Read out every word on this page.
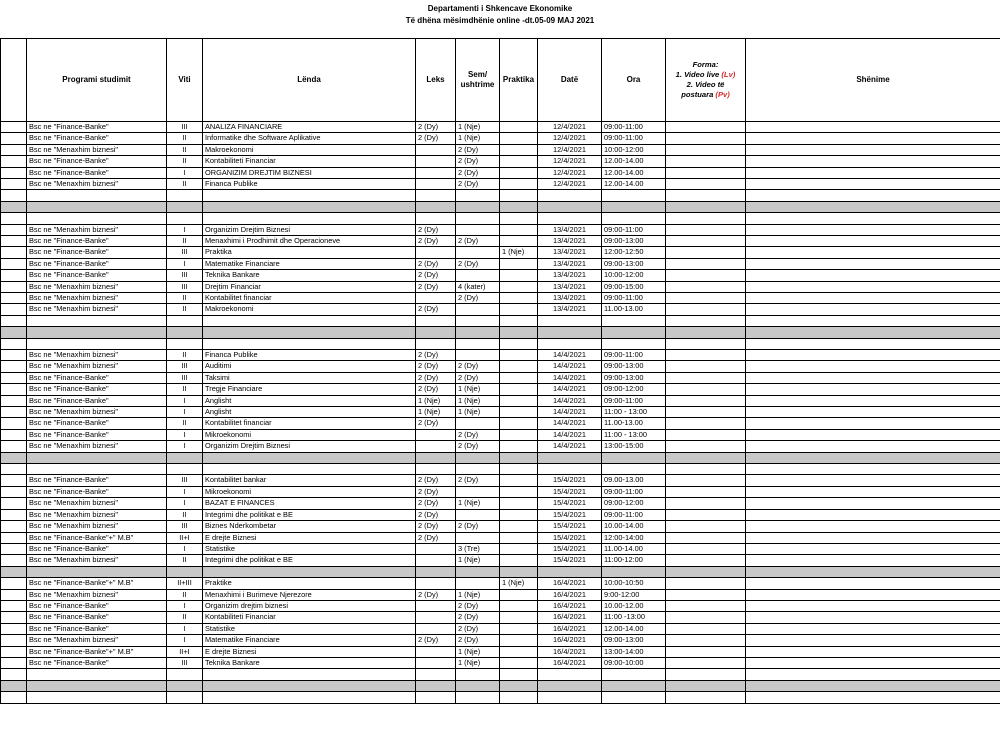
Departamenti i Shkencave Ekonomike
Të dhëna mësimdhënie online -dt.05-09 MAJ 2021
	Programi studimit	Viti	Lënda	Leks	Sem/
ushtrime	Praktika	Datë	Ora	Forma:
1. Video live (Lv)
2. Video të
postuara (Pv)	Shënime
	Bsc ne "Finance-Banke"	III	ANALIZA FINANCIARE	2 (Dy)	1 (Nje)		12/4/2021	09:00-11:00		
	Bsc ne "Finance-Banke"	II	Informatike dhe Software Aplikative	2 (Dy)	1 (Nje)		12/4/2021	09:00-11:00		
	Bsc ne "Menaxhim biznesi"	II	Makroekonomi		2 (Dy)		12/4/2021	10:00-12:00		
	Bsc ne "Finance-Banke"	II	Kontabiliteti Financiar		2 (Dy)		12/4/2021	12.00-14.00		
	Bsc ne "Finance-Banke"	I	ORGANIZIM DREJTIM BIZNESI		2 (Dy)		12/4/2021	12.00-14.00		
	Bsc ne "Menaxhim biznesi"	II	Financa Publike		2 (Dy)		12/4/2021	12.00-14.00		

	Bsc ne "Menaxhim biznesi"	I	Organizim Drejtim Biznesi	2 (Dy)			13/4/2021	09:00-11:00		
	Bsc ne "Finance-Banke"	II	Menaxhimi i Prodhimit dhe Operacioneve	2 (Dy)	2 (Dy)		13/4/2021	09:00-13:00		
	Bsc ne "Finance-Banke"	III	Praktika			1 (Nje)	13/4/2021	12:00-12:50		
	Bsc ne "Finance-Banke"	I	Matematike Financiare	2 (Dy)	2 (Dy)		13/4/2021	09:00-13:00		
	Bsc ne "Finance-Banke"	III	Teknika Bankare	2 (Dy)			13/4/2021	10:00-12:00		
	Bsc ne "Menaxhim biznesi"	III	Drejtim Financiar	2 (Dy)	4 (kater)		13/4/2021	09:00-15:00		
	Bsc ne "Menaxhim biznesi"	II	Kontabilitet financiar		2 (Dy)		13/4/2021	09:00-11:00		
	Bsc ne "Menaxhim biznesi"	II	Makroekonomi	2 (Dy)			13/4/2021	11.00-13.00		

	Bsc ne "Menaxhim biznesi"	II	Financa Publike	2 (Dy)			14/4/2021	09:00-11:00		
	Bsc ne "Menaxhim biznesi"	III	Auditimi	2 (Dy)	2 (Dy)		14/4/2021	09:00-13:00		
	Bsc ne "Finance-Banke"	III	Taksimi	2 (Dy)	2 (Dy)		14/4/2021	09:00-13:00		
	Bsc ne "Finance-Banke"	II	Tregje Financiare	2 (Dy)	1 (Nje)		14/4/2021	09:00-12:00		
	Bsc ne "Finance-Banke"	I	Anglisht	1 (Nje)	1 (Nje)		14/4/2021	09:00-11:00		
	Bsc ne "Menaxhim biznesi"	I	Anglisht	1 (Nje)	1 (Nje)		14/4/2021	11:00 - 13:00		
	Bsc ne "Finance-Banke"	II	Kontabilitet financiar	2 (Dy)			14/4/2021	11.00-13.00		
	Bsc ne "Finance-Banke"	I	Mikroekonomi		2 (Dy)		14/4/2021	11:00 - 13:00		
	Bsc ne "Menaxhim biznesi"	I	Organizim Drejtim Biznesi		2 (Dy)		14/4/2021	13:00-15:00		

	Bsc ne "Finance-Banke"	III	Kontabilitet bankar	2 (Dy)	2 (Dy)		15/4/2021	09.00-13.00		
	Bsc ne "Finance-Banke"	I	Mikroekonomi	2 (Dy)			15/4/2021	09:00-11:00		
	Bsc ne "Menaxhim biznesi"	I	BAZAT E FINANCES	2 (Dy)	1 (Nje)		15/4/2021	09:00-12:00		
	Bsc ne "Menaxhim biznesi"	II	Integrimi dhe politikat e BE	2 (Dy)			15/4/2021	09:00-11:00		
	Bsc ne "Menaxhim biznesi"	III	Biznes Nderkombetar	2 (Dy)	2 (Dy)		15/4/2021	10.00-14.00		
	Bsc ne "Finance-Banke"+" M.B"	II+I	E drejte Biznesi	2 (Dy)			15/4/2021	12:00-14:00		
	Bsc ne "Finance-Banke"	I	Statistike		3 (Tre)		15/4/2021	11.00-14.00		
	Bsc ne "Menaxhim biznesi"	II	Integrimi dhe politikat e BE		1 (Nje)		15/4/2021	11:00-12:00		

	Bsc ne "Finance-Banke"+" M.B"	II+III	Praktike			1 (Nje)	16/4/2021	10:00-10:50		
	Bsc ne "Menaxhim biznesi"	II	Menaxhimi i Burimeve Njerezore	2 (Dy)	1 (Nje)		16/4/2021	9:00-12:00		
	Bsc ne "Finance-Banke"	I	Organizim drejtim biznesi		2 (Dy)		16/4/2021	10.00-12.00		
	Bsc ne "Finance-Banke"	II	Kontabiliteti Financiar		2 (Dy)		16/4/2021	11:00 -13:00		
	Bsc ne "Finance-Banke"	I	Statistike		2 (Dy)		16/4/2021	12.00-14.00		
	Bsc ne "Menaxhim biznesi"	I	Matematike Financiare	2 (Dy)	2 (Dy)		16/4/2021	09:00-13:00		
	Bsc ne "Finance-Banke"+" M.B"	II+I	E drejte Biznesi		1 (Nje)		16/4/2021	13:00-14:00		
	Bsc ne "Finance-Banke"	III	Teknika Bankare		1 (Nje)		16/4/2021	09:00-10:00		
